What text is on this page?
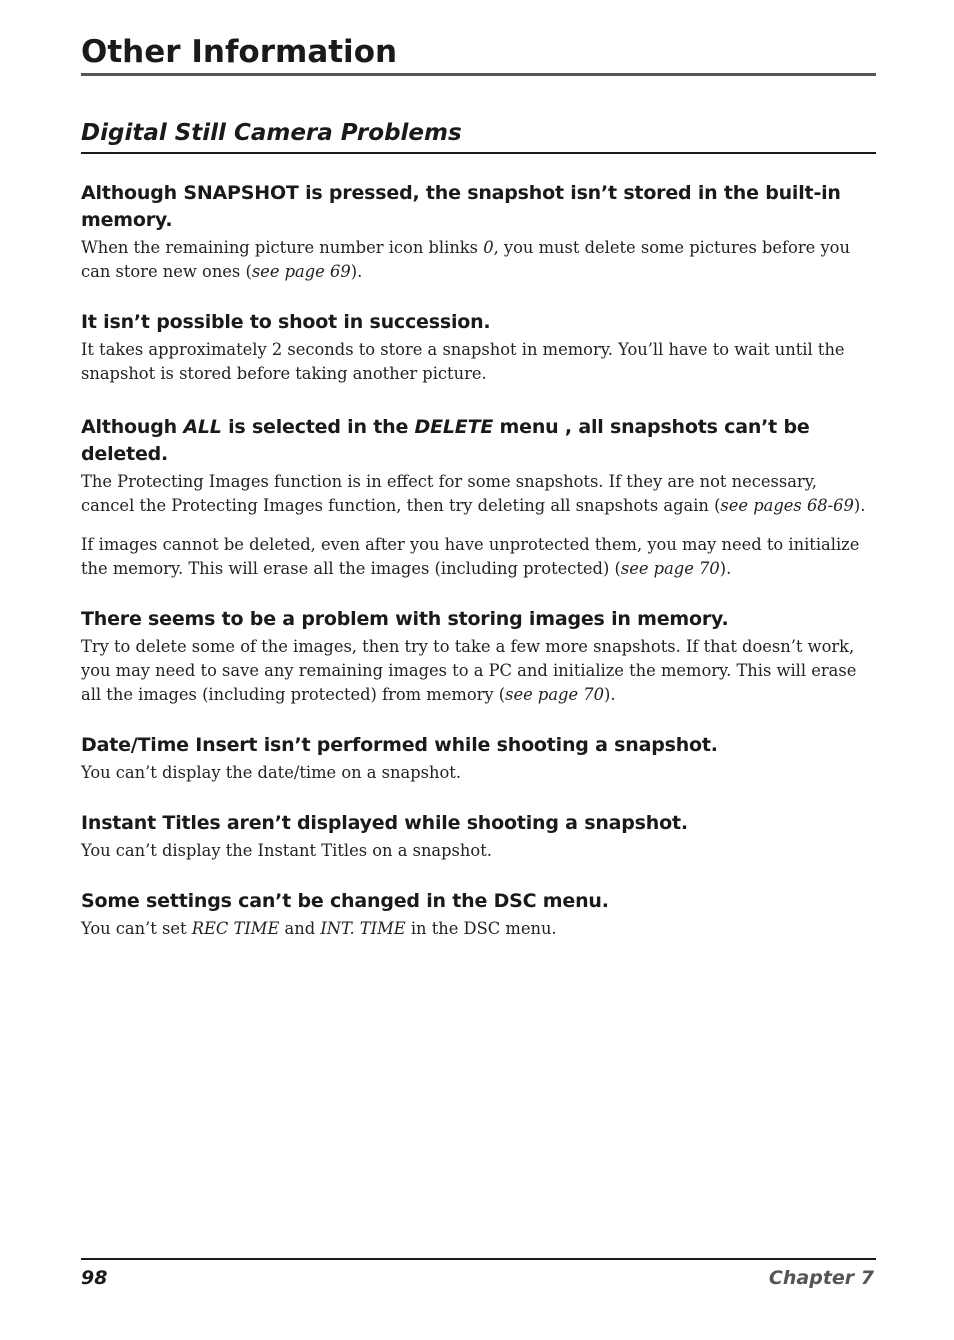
Other Information
Digital Still Camera Problems

Although SNAPSHOT is pressed, the snapshot isn’t stored in the built-in memory.

When the remaining picture number icon blinks 0, you must delete some pictures before you can store new ones (see page 69).

It isn’t possible to shoot in succession.

It takes approximately 2 seconds to store a snapshot in memory. You’ll have to wait until the snapshot is stored before taking another picture.

Although ALL is selected in the DELETE menu , all snapshots can’t be deleted.

The Protecting Images function is in effect for some snapshots. If they are not necessary, cancel the Protecting Images function, then try deleting all snapshots again (see pages 68-69).

If images cannot be deleted, even after you have unprotected them, you may need to initialize the memory. This will erase all the images (including protected) (see page 70).

There seems to be a problem with storing images in memory.

Try to delete some of the images, then try to take a few more snapshots. If that doesn’t work, you may need to save any remaining images to a PC and initialize the memory. This will erase all the images (including protected) from memory (see page 70).

Date/Time Insert isn’t performed while shooting a snapshot.

You can’t display the date/time on a snapshot.

Instant Titles aren’t displayed while shooting a snapshot.

You can’t display the Instant Titles on a snapshot.

Some settings can’t be changed in the DSC menu.

You can’t set REC TIME and INT. TIME in the DSC menu.

98	Chapter 7
